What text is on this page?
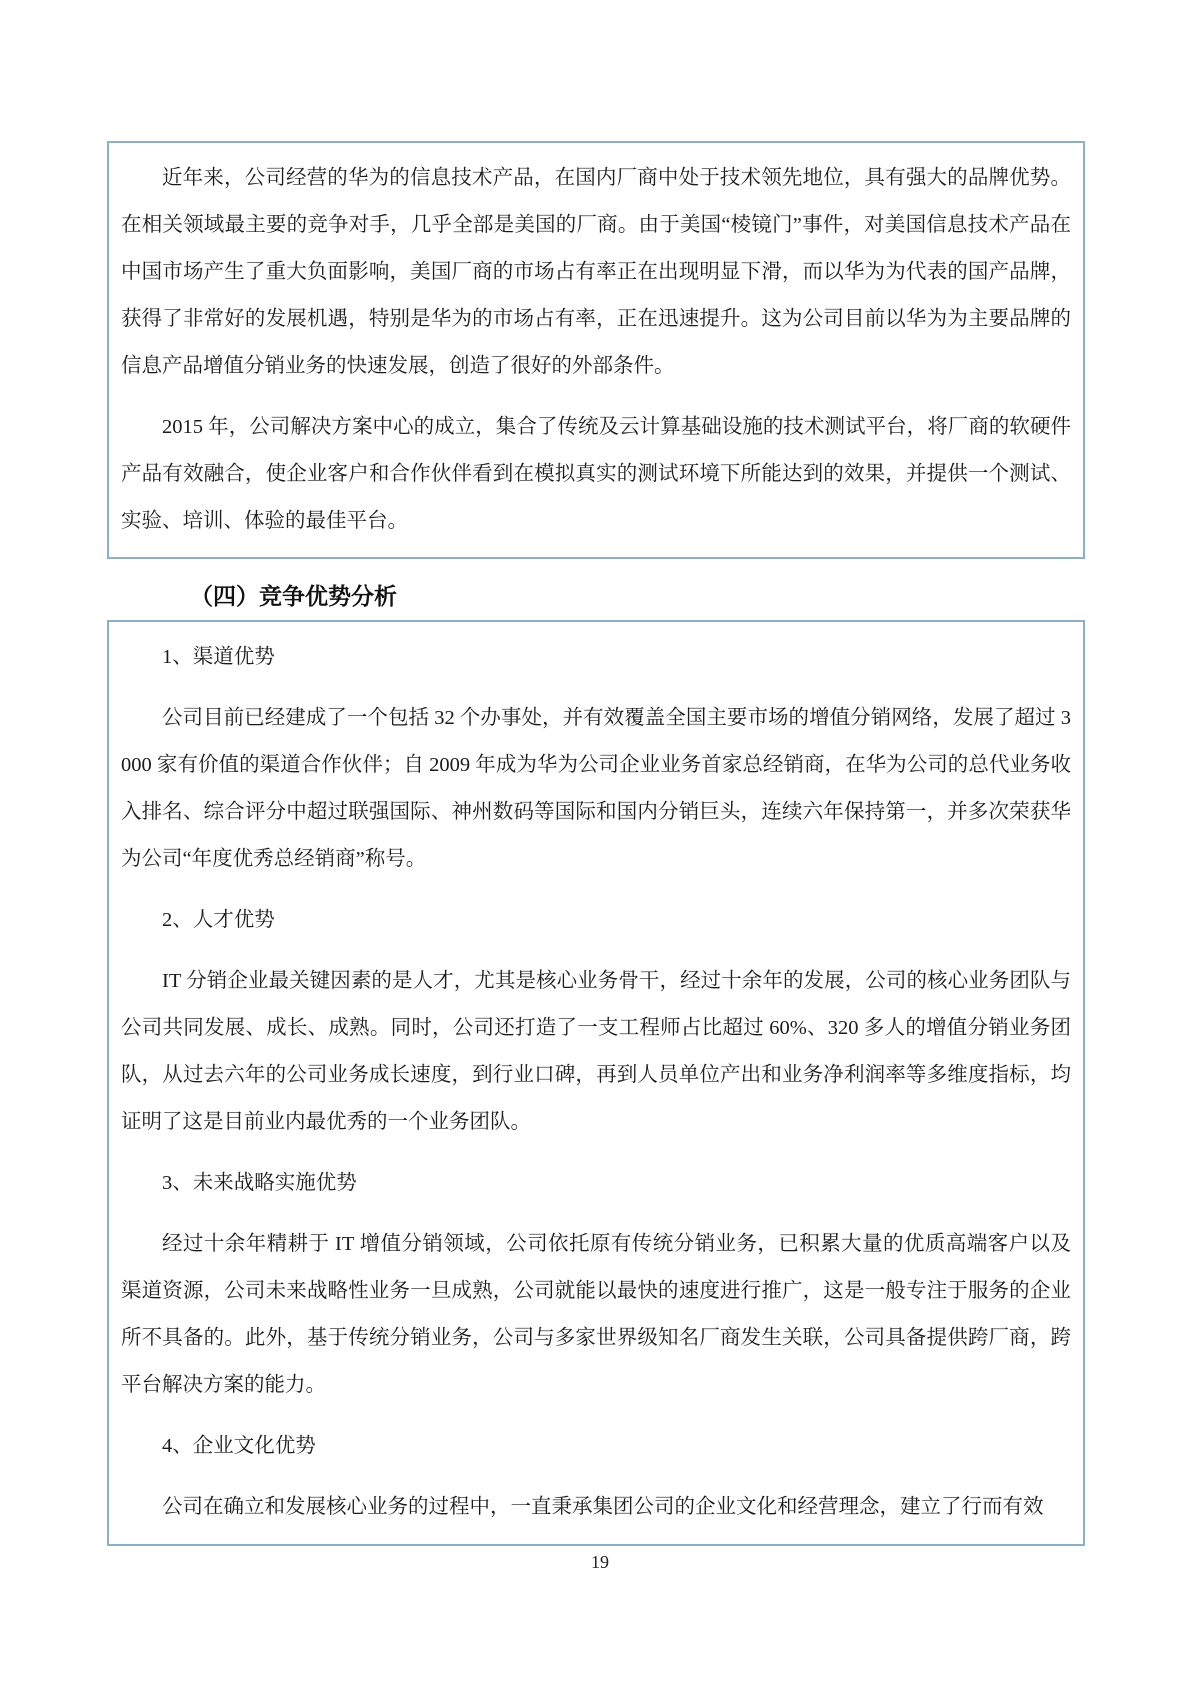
近年来，公司经营的华为的信息技术产品，在国内厂商中处于技术领先地位，具有强大的品牌优势。在相关领域最主要的竞争对手，几乎全部是美国的厂商。由于美国“棱镜门”事件，对美国信息技术产品在中国市场产生了重大负面影响，美国厂商的市场占有率正在出现明显下滑，而以华为为代表的国产品牌，获得了非常好的发展机遇，特别是华为的市场占有率，正在迅速提升。这为公司目前以华为为主要品牌的信息产品增值分销业务的快速发展，创造了很好的外部条件。
2015 年，公司解决方案中心的成立，集合了传统及云计算基础设施的技术测试平台，将厂商的软硬件产品有效融合，使企业客户和合作伙伴看到在模拟真实的测试环境下所能达到的效果，并提供一个测试、实验、培训、体验的最佳平台。
（四）竞争优势分析
1、渠道优势
公司目前已经建成了一个包括 32 个办事处，并有效覆盖全国主要市场的增值分销网络，发展了超过 3000 家有价值的渠道合作伙伴；自 2009 年成为华为公司企业业务首家总经销商，在华为公司的总代业务收入排名、综合评分中超过联强国际、神州数码等国际和国内分销巨头，连续六年保持第一，并多次荣获华为公司“年度优秀总经销商”称号。
2、人才优势
IT 分销企业最关键因素的是人才，尤其是核心业务骨干，经过十余年的发展，公司的核心业务团队与公司共同发展、成长、成熟。同时，公司还打造了一支工程师占比超过 60%、320 多人的增值分销业务团队，从过去六年的公司业务成长速度，到行业口碑，再到人员单位产出和业务净利润率等多维度指标，均证明了这是目前业内最优秀的一个业务团队。
3、未来战略实施优势
经过十余年精耕于 IT 增值分销领域，公司依托原有传统分销业务，已积累大量的优质高端客户以及渠道资源，公司未来战略性业务一旦成熟，公司就能以最快的速度进行推广，这是一般专注于服务的企业所不具备的。此外，基于传统分销业务，公司与多家世界级知名厂商发生关联，公司具备提供跨厂商，跨平台解决方案的能力。
4、企业文化优势
公司在确立和发展核心业务的过程中，一直秉承集团公司的企业文化和经营理念，建立了行而有效
19
